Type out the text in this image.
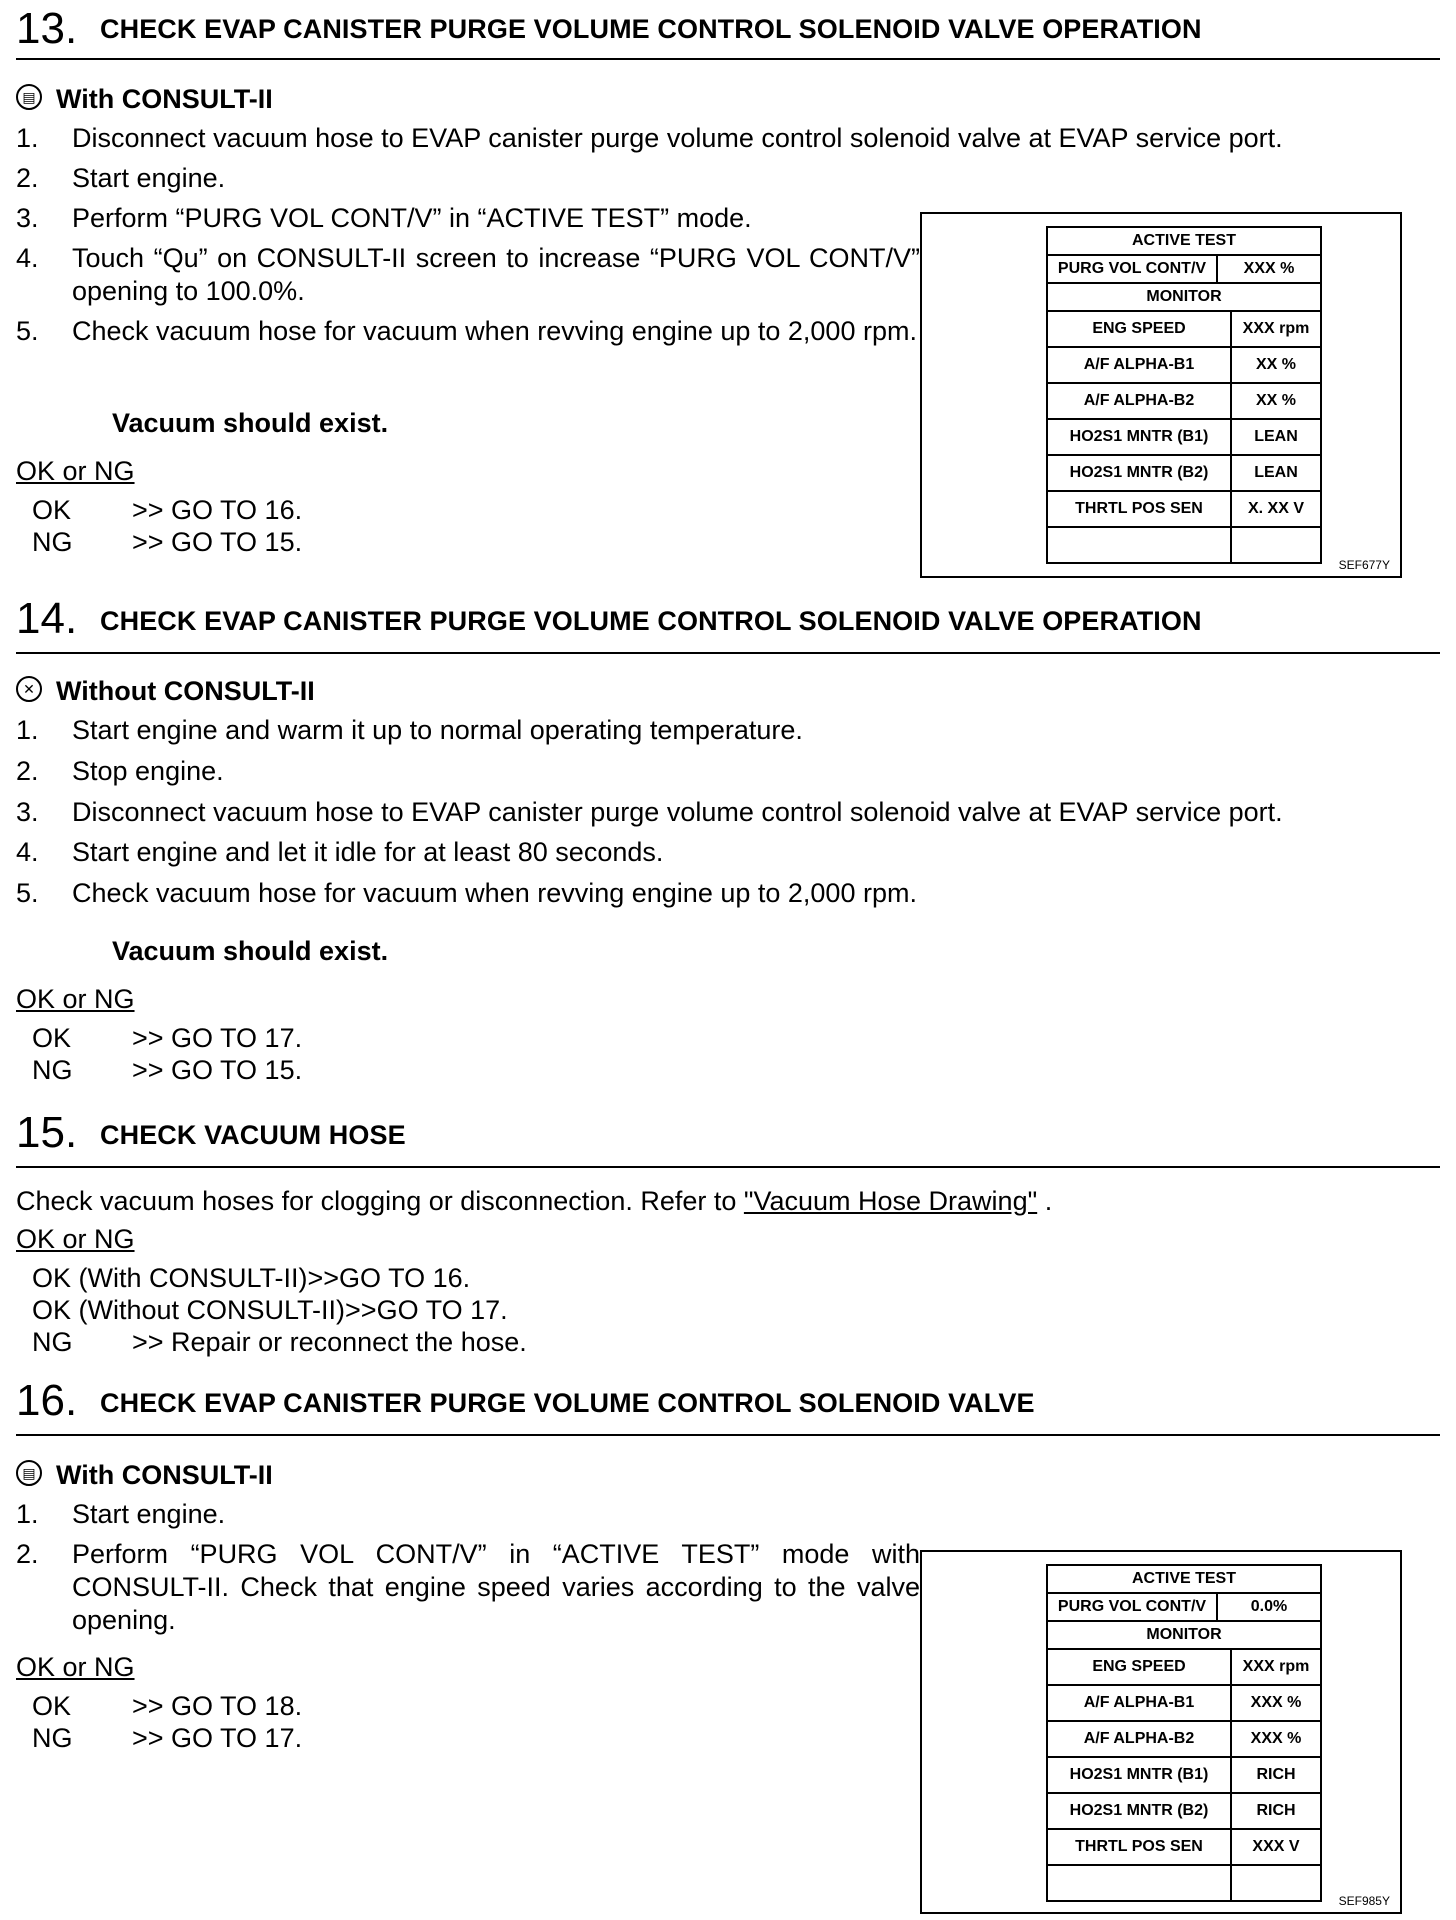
13. CHECK EVAP CANISTER PURGE VOLUME CONTROL SOLENOID VALVE OPERATION
▤ With CONSULT-II
1. Disconnect vacuum hose to EVAP canister purge volume control solenoid valve at EVAP service port.
2. Start engine.
3. Perform “PURG VOL CONT/V” in “ACTIVE TEST” mode.
4. Touch “Qu” on CONSULT-II screen to increase “PURG VOL CONT/V” opening to 100.0%.
5. Check vacuum hose for vacuum when revving engine up to 2,000 rpm.
Vacuum should exist.
OK or NG
OK >> GO TO 16.
NG >> GO TO 15.
ACTIVE TEST
PURG VOL CONT/V	XXX %
MONITOR
ENG SPEED	XXX rpm
A/F ALPHA-B1	XX %
A/F ALPHA-B2	XX %
HO2S1 MNTR (B1)	LEAN
HO2S1 MNTR (B2)	LEAN
THRTL POS SEN	X. XX V

SEF677Y
14. CHECK EVAP CANISTER PURGE VOLUME CONTROL SOLENOID VALVE OPERATION
✕ Without CONSULT-II
1. Start engine and warm it up to normal operating temperature.
2. Stop engine.
3. Disconnect vacuum hose to EVAP canister purge volume control solenoid valve at EVAP service port.
4. Start engine and let it idle for at least 80 seconds.
5. Check vacuum hose for vacuum when revving engine up to 2,000 rpm.
Vacuum should exist.
OK or NG
OK >> GO TO 17.
NG >> GO TO 15.
15. CHECK VACUUM HOSE
Check vacuum hoses for clogging or disconnection. Refer to "Vacuum Hose Drawing" .
OK or NG
OK (With CONSULT-II)>>GO TO 16.
OK (Without CONSULT-II)>>GO TO 17.
NG >> Repair or reconnect the hose.
16. CHECK EVAP CANISTER PURGE VOLUME CONTROL SOLENOID VALVE
▤ With CONSULT-II
1. Start engine.
2. Perform “PURG VOL CONT/V” in “ACTIVE TEST” mode with CONSULT-II. Check that engine speed varies according to the valve opening.
OK or NG
OK >> GO TO 18.
NG >> GO TO 17.
ACTIVE TEST
PURG VOL CONT/V	0.0%
MONITOR
ENG SPEED	XXX rpm
A/F ALPHA-B1	XXX %
A/F ALPHA-B2	XXX %
HO2S1 MNTR (B1)	RICH
HO2S1 MNTR (B2)	RICH
THRTL POS SEN	XXX V

SEF985Y
